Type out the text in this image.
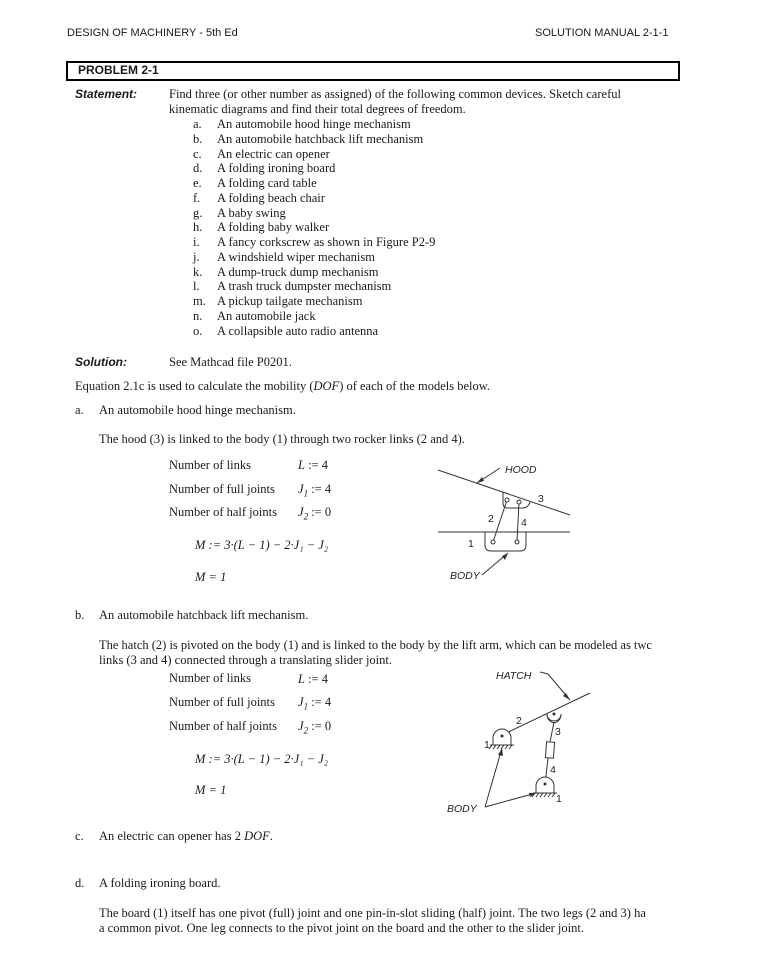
DESIGN OF MACHINERY - 5th Ed	SOLUTION MANUAL 2-1-1
PROBLEM 2-1
Statement:	Find three (or other number as assigned) of the following common devices. Sketch careful
kinematic diagrams and find their total degrees of freedom.
a. An automobile hood hinge mechanism
b. An automobile hatchback lift mechanism
c. An electric can opener
d. A folding ironing board
e. A folding card table
f. A folding beach chair
g. A baby swing
h. A folding baby walker
i. A fancy corkscrew as shown in Figure P2-9
j. A windshield wiper mechanism
k. A dump-truck dump mechanism
l. A trash truck dumpster mechanism
m. A pickup tailgate mechanism
n. An automobile jack
o. A collapsible auto radio antenna
Solution:	See Mathcad file P0201.
Equation 2.1c is used to calculate the mobility (DOF) of each of the models below.
a. An automobile hood hinge mechanism.
The hood (3) is linked to the body (1) through two rocker links (2 and 4).
Number of links	L := 4
Number of full joints $J_1$ := 4
Number of half joints $J_2$ := 0
M := 3·(L − 1) − 2·J₁ − J₂
M = 1
HOOD
BODY
3
2	4
1
b. An automobile hatchback lift mechanism.
The hatch (2) is pivoted on the body (1) and is linked to the body by the lift arm, which can be modeled as twc
links (3 and 4) connected through a translating slider joint.
Number of links	L := 4
Number of full joints $J_1$ := 4
Number of half joints $J_2$ := 0
M := 3·(L − 1) − 2·J₁ − J₂
M = 1
HATCH
BODY
2
1
3
4
1
c. An electric can opener has 2 DOF.
d. A folding ironing board.
The board (1) itself has one pivot (full) joint and one pin-in-slot sliding (half) joint. The two legs (2 and 3) ha
a common pivot. One leg connects to the pivot joint on the board and the other to the slider joint.
